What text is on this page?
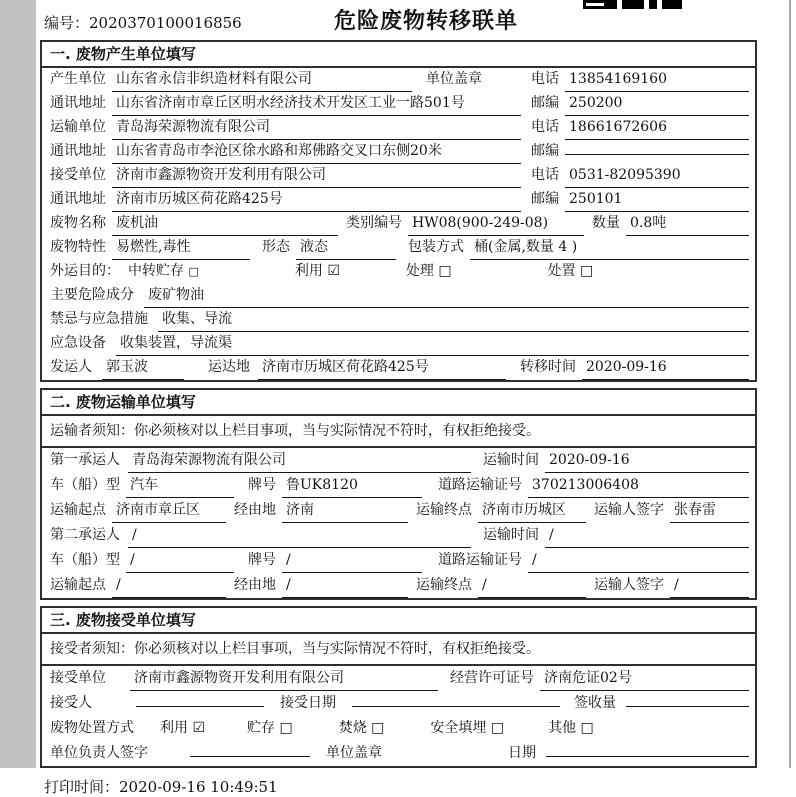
编号：2020370100016856	危险废物转移联单
一. 废物产生单位填写
产生单位 山东省永信非织造材料有限公司	单位盖章	电话 13854169160
通讯地址 山东省济南市章丘区明水经济技术开发区工业一路501号	邮编 250200
运输单位 青岛海荣源物流有限公司	电话 18661672606
通讯地址 山东省青岛市李沧区徐水路和郑佛路交叉口东侧20米	邮编
接受单位 济南市鑫源物资开发利用有限公司	电话 0531-82095390
通讯地址 济南市历城区荷花路425号	邮编 250101
废物名称 废机油	类别编号 HW08(900-249-08)	数量 0.8吨
废物特性 易燃性,毒性	形态 液态	包装方式 桶(金属,数量 4 )
外运目的： 中转贮存 □	利用 ☑	处理 □	处置 □
主要危险成分 废矿物油
禁忌与应急措施 收集、导流
应急设备 收集装置，导流渠
发运人 郭玉波	运达地 济南市历城区荷花路425号	转移时间 2020-09-16
二. 废物运输单位填写
运输者须知：你必须核对以上栏目事项，当与实际情况不符时，有权拒绝接受。
第一承运人 青岛海荣源物流有限公司	运输时间 2020-09-16
车（船）型 汽车	牌号 鲁UK8120	道路运输证号 370213006408
运输起点 济南市章丘区	经由地 济南	运输终点 济南市历城区	运输人签字 张春雷
第二承运人 /	运输时间 /
车（船）型 /	牌号 /	道路运输证号 /
运输起点 /	经由地 /	运输终点 /	运输人签字 /
三. 废物接受单位填写
接受者须知：你必须核对以上栏目事项，当与实际情况不符时，有权拒绝接受。
接受单位 济南市鑫源物资开发利用有限公司	经营许可证号 济南危证02号
接受人	接受日期	签收量
废物处置方式 利用 ☑	贮存 □	焚烧 □	安全填埋 □	其他 □
单位负责人签字	单位盖章	日期
打印时间：2020-09-16 10:49:51
